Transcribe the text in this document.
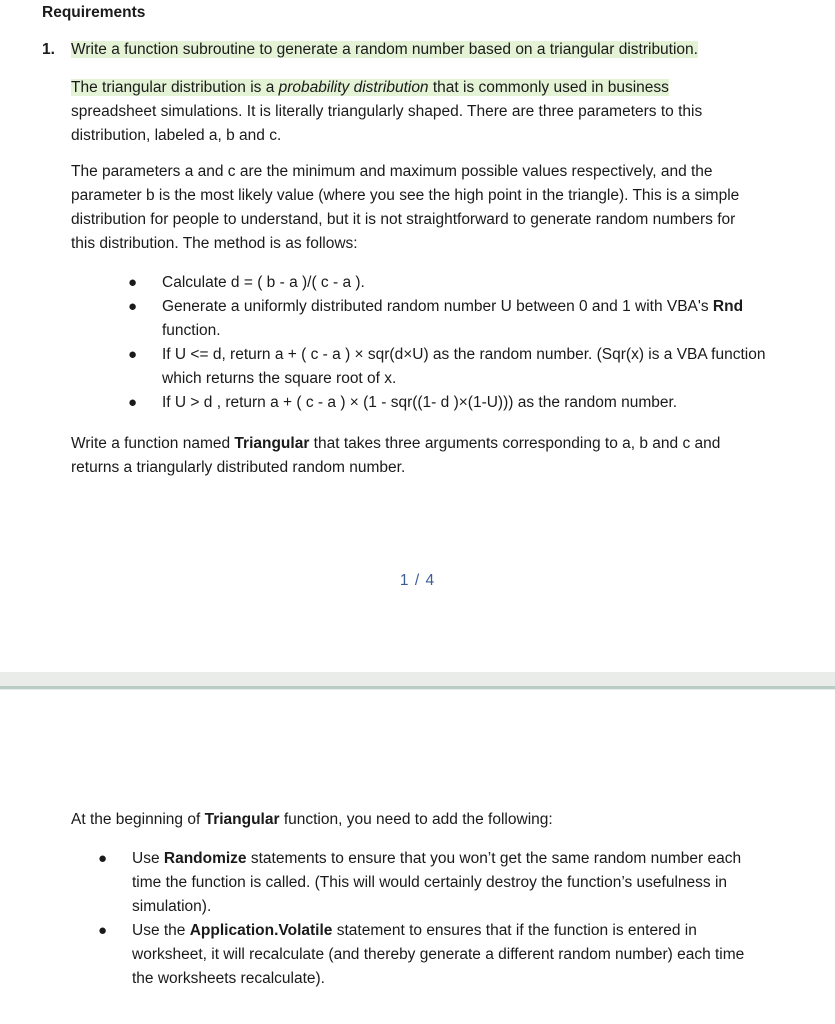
Requirements
1. Write a function subroutine to generate a random number based on a triangular distribution.
The triangular distribution is a probability distribution that is commonly used in business
spreadsheet simulations. It is literally triangularly shaped. There are three parameters to this
distribution, labeled a, b and c.
The parameters a and c are the minimum and maximum possible values respectively, and the
parameter b is the most likely value (where you see the high point in the triangle). This is a simple
distribution for people to understand, but it is not straightforward to generate random numbers for
this distribution. The method is as follows:
● Calculate d = ( b - a )/( c - a ).
● Generate a uniformly distributed random number U between 0 and 1 with VBA's Rnd
function.
● If U <= d, return a + ( c - a ) × sqr(d×U) as the random number. (Sqr(x) is a VBA function
which returns the square root of x.
● If U > d , return a + ( c - a ) × (1 - sqr((1- d )×(1-U))) as the random number.
Write a function named Triangular that takes three arguments corresponding to a, b and c and
returns a triangularly distributed random number.
1 / 4
At the beginning of Triangular function, you need to add the following:
● Use Randomize statements to ensure that you won’t get the same random number each
time the function is called. (This will would certainly destroy the function’s usefulness in
simulation).
● Use the Application.Volatile statement to ensures that if the function is entered in
worksheet, it will recalculate (and thereby generate a different random number) each time
the worksheets recalculate).
